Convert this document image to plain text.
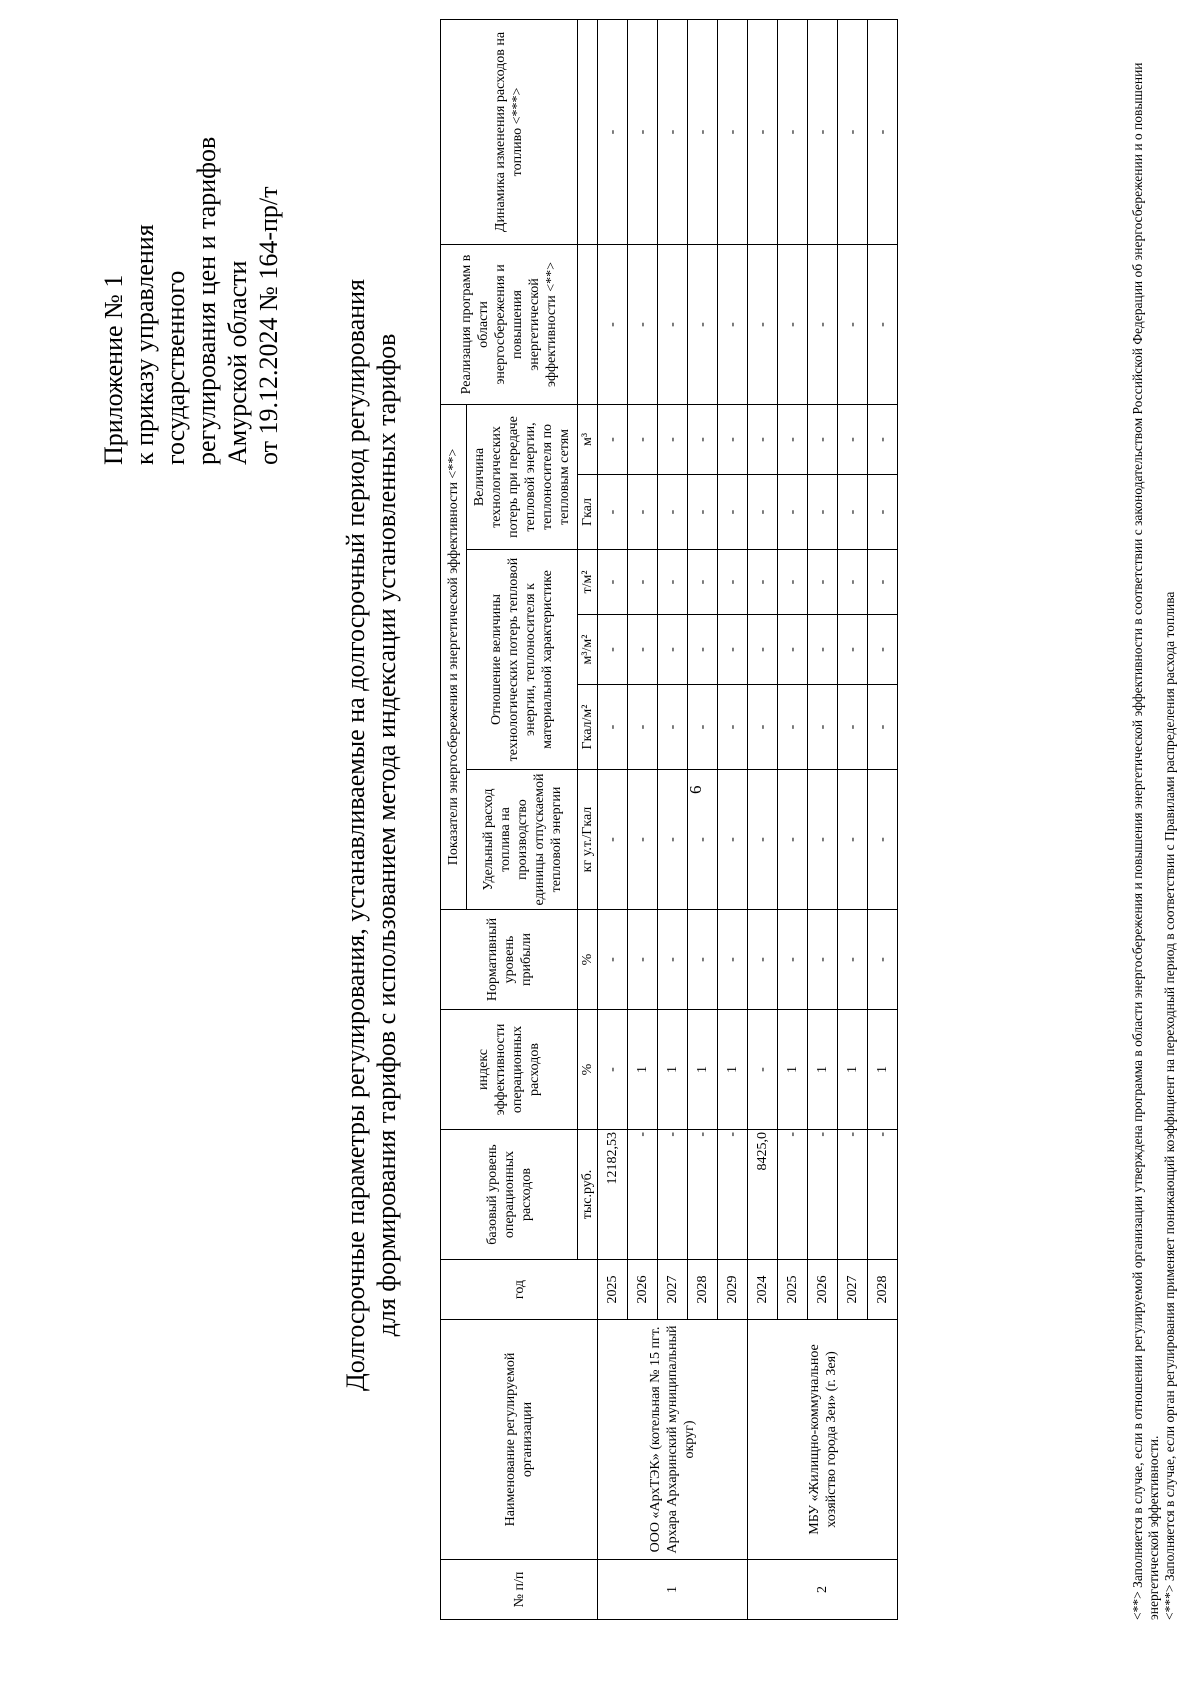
6
Приложение № 1 к приказу управления государственного регулирования цен и тарифов Амурской области от 19.12.2024 № 164-пр/т Долгосрочные параметры регулирования, устанавливаемые на долгосрочный период регулирования для формирования тарифов с использованием метода индексации установленных тарифов
№ п/п	Наименование регулируемой организации	год	базовый уровень операционных расходов	индекс эффективности операционных расходов	Нормативный уровень прибыли	Показатели энергосбережения и энергетической эффективности <**>						Реализация программ в области энергосбережения и повышения энергетической эффективности <**>	Динамика изменения расходов на топливо <***>
						Удельный расход топлива на производство единицы отпускаемой тепловой энергии	Отношение величины технологических потерь тепловой энергии, теплоносителя к материальной характеристике			Величина технологических потерь при передаче тепловой энергии, теплоносителя по тепловым сетям			
			тыс.руб.	%	%	кг у.т./Гкал	Гкал/м²	м³/м²	т/м²	Гкал	м³		
1	ООО «АрхТЭК» (котельная № 15 пгт. Архара Архаринский муниципальный округ)	2025	12182,53	-	-	-	-	-	-	-	-	-	-
		2026	-	1	-	-	-	-	-	-	-	-	-
		2027	-	1	-	-	-	-	-	-	-	-	-
		2028	-	1	-	-	-	-	-	-	-	-	-
		2029	-	1	-	-	-	-	-	-	-	-	-
2	МБУ «Жилищно-коммунальное хозяйство города Зеи» (г. Зея)	2024	8425,0	-	-	-	-	-	-	-	-	-	-
		2025	-	1	-	-	-	-	-	-	-	-	-
		2026	-	1	-	-	-	-	-	-	-	-	-
		2027	-	1	-	-	-	-	-	-	-	-	-
		2028	-	1	-	-	-	-	-	-	-	-	-	<**> Заполняется в случае, если в отношении регулируемой организации утверждена программа в области энергосбережения и повышения энергетической эффективности в соответствии с законодательством Российской Федерации об энергосбережении и о повышении энергетической эффективности. <***> Заполняется в случае, если орган регулирования применяет понижающий коэффициент на переходный период в соответствии с Правилами распределения расхода топлива
